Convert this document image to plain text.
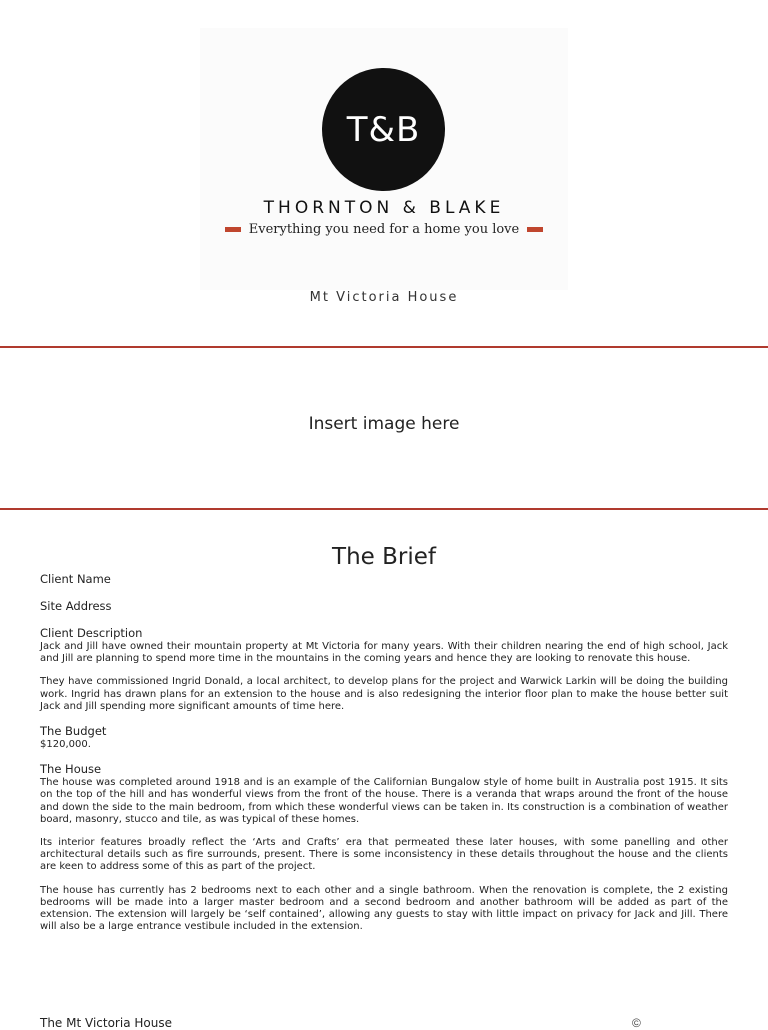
T&B
THORNTON & BLAKE
Everything you need for a home you love
Mt Victoria House
Insert image here
The Brief
Client Name
Site Address
Client Description

Jack and Jill have owned their mountain property at Mt Victoria for many years. With their children nearing the end of high school, Jack and Jill are planning to spend more time in the mountains in the coming years and hence they are looking to renovate this house.

They have commissioned Ingrid Donald, a local architect, to develop plans for the project and Warwick Larkin will be doing the building work. Ingrid has drawn plans for an extension to the house and is also redesigning the interior floor plan to make the house better suit Jack and Jill spending more significant amounts of time here.

The Budget
$120,000.
The House

The house was completed around 1918 and is an example of the Californian Bungalow style of home built in Australia post 1915. It sits on the top of the hill and has wonderful views from the front of the house. There is a veranda that wraps around the front of the house and down the side to the main bedroom, from which these wonderful views can be taken in. Its construction is a combination of weather board, masonry, stucco and tile, as was typical of these homes.

Its interior features broadly reflect the ‘Arts and Crafts’ era that permeated these later houses, with some panelling and other architectural details such as fire surrounds, present. There is some inconsistency in these details throughout the house and the clients are keen to address some of this as part of the project.

The house has currently has 2 bedrooms next to each other and a single bathroom. When the renovation is complete, the 2 existing bedrooms will be made into a larger master bedroom and a second bedroom and another bathroom will be added as part of the extension. The extension will largely be ‘self contained’, allowing any guests to stay with little impact on privacy for Jack and Jill. There will also be a large entrance vestibule included in the extension.

The Mt Victoria House	©
